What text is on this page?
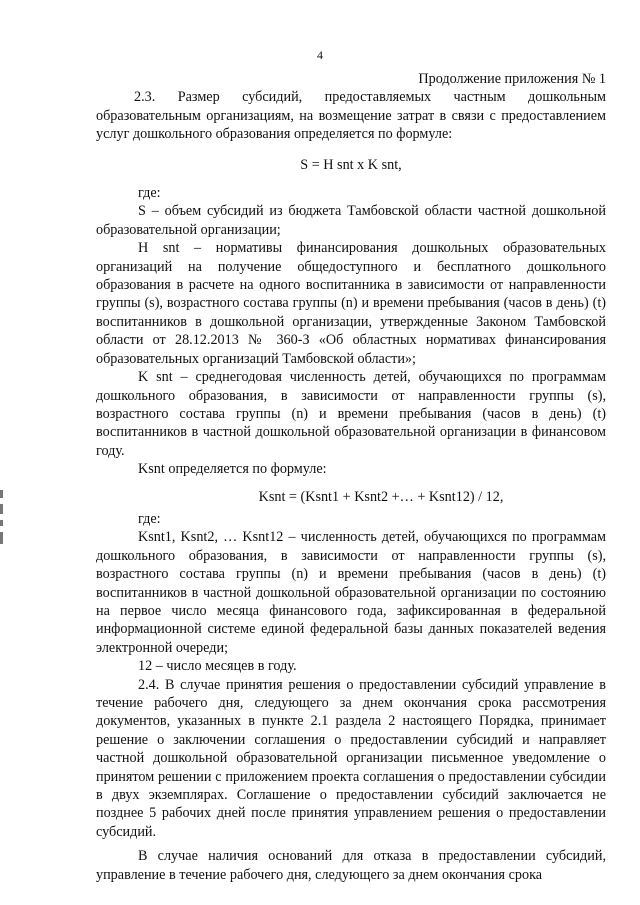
4

Продолжение приложения № 1

2.3. Размер субсидий, предоставляемых частным дошкольным образовательным организациям, на возмещение затрат в связи с предоставлением услуг дошкольного образования определяется по формуле:

S = H snt x K snt,

где:

S – объем субсидий из бюджета Тамбовской области частной дошкольной образовательной организации;

H snt – нормативы финансирования дошкольных образовательных организаций на получение общедоступного и бесплатного дошкольного образования в расчете на одного воспитанника в зависимости от направленности группы (s), возрастного состава группы (n) и времени пребывания (часов в день) (t) воспитанников в дошкольной организации, утвержденные Законом Тамбовской области от 28.12.2013 № 360-З «Об областных нормативах финансирования образовательных организаций Тамбовской области»;

K snt – среднегодовая численность детей, обучающихся по программам дошкольного образования, в зависимости от направленности группы (s), возрастного состава группы (n) и времени пребывания (часов в день) (t) воспитанников в частной дошкольной образовательной организации в финансовом году.

Ksnt определяется по формуле:

Ksnt = (Ksnt1 + Ksnt2 +… + Ksnt12) / 12,

где:

Ksnt1, Ksnt2, … Ksnt12 – численность детей, обучающихся по программам дошкольного образования, в зависимости от направленности группы (s), возрастного состава группы (n) и времени пребывания (часов в день) (t) воспитанников в частной дошкольной образовательной организации по состоянию на первое число месяца финансового года, зафиксированная в федеральной информационной системе единой федеральной базы данных показателей ведения электронной очереди;

12 – число месяцев в году.

2.4. В случае принятия решения о предоставлении субсидий управление в течение рабочего дня, следующего за днем окончания срока рассмотрения документов, указанных в пункте 2.1 раздела 2 настоящего Порядка, принимает решение о заключении соглашения о предоставлении субсидий и направляет частной дошкольной образовательной организации письменное уведомление о принятом решении с приложением проекта соглашения о предоставлении субсидии в двух экземплярах. Соглашение о предоставлении субсидий заключается не позднее 5 рабочих дней после принятия управлением решения о предоставлении субсидий.

В случае наличия оснований для отказа в предоставлении субсидий, управление в течение рабочего дня, следующего за днем окончания срока
